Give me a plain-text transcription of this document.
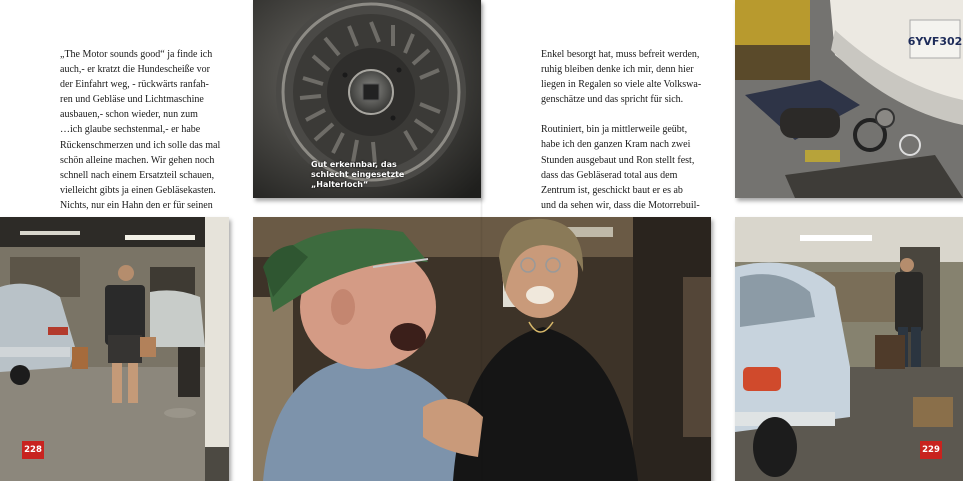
„The Motor sounds good“ ja finde ich
auch,- er kratzt die Hundescheiße vor
der Einfahrt weg, - rückwärts ranfah-
ren und Gebläse und Lichtmaschine
ausbauen,- schon wieder, nun zum
…ich glaube sechstenmal,- er habe
Rückenschmerzen und ich solle das mal
schön alleine machen. Wir gehen noch
schnell nach einem Ersatzteil schauen,
vielleicht gibts ja einen Gebläsekasten.
Nichts, nur ein Hahn den er für seinen
Gut erkennbar, das
schlecht eingesetzte
„Halterloch“
228

Enkel besorgt hat, muss befreit werden,
ruhig bleiben denke ich mir, denn hier
liegen in Regalen so viele alte Volkswa-
genschätze und das spricht für sich.

Routiniert, bin ja mittlerweile geübt,
habe ich den ganzen Kram nach zwei
Stunden ausgebaut und Ron stellt fest,
dass das Gebläserad total aus dem
Zentrum ist, geschickt baut er es ab
und da sehen wir, dass die Motorrebuil-

6YVF302
229
